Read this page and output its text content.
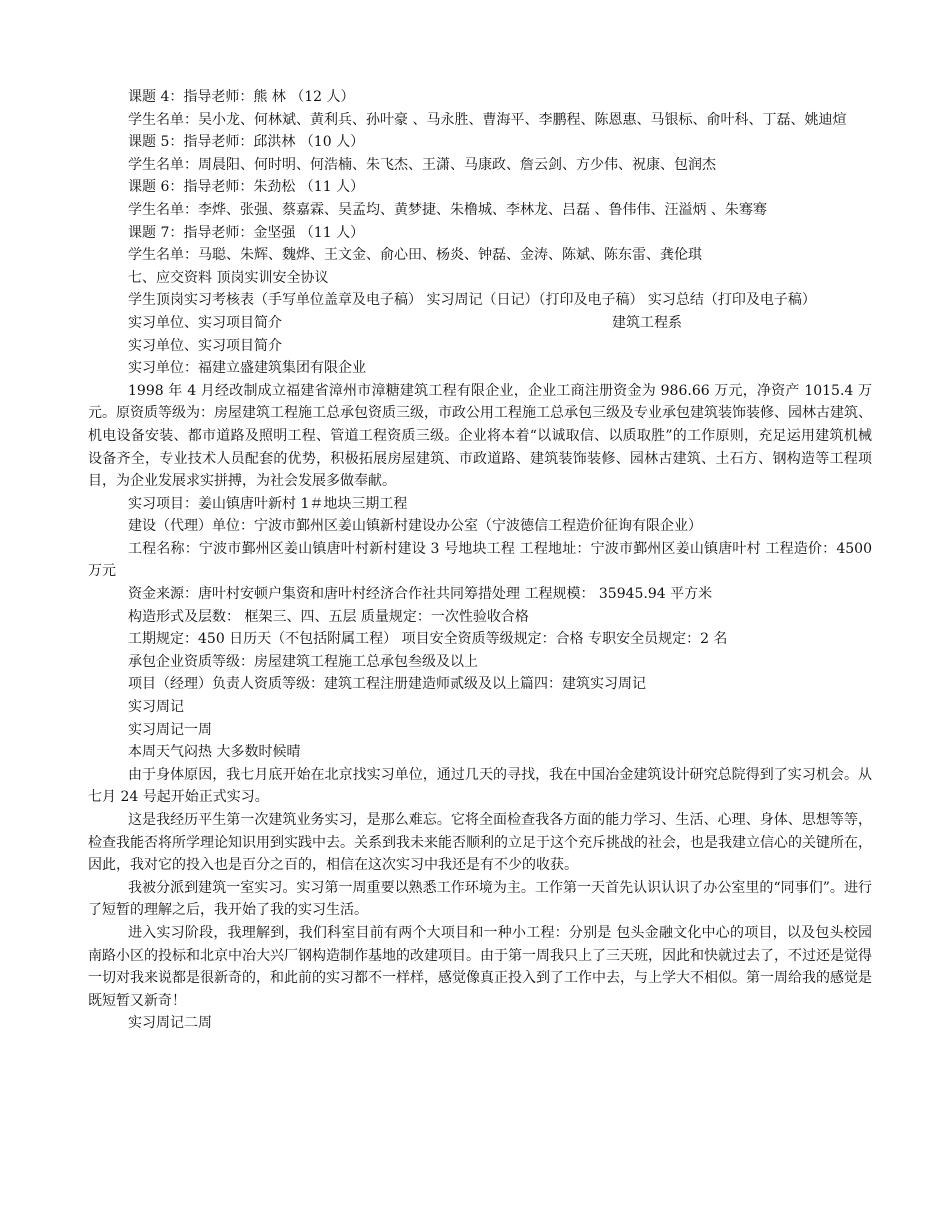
课题 4：指导老师：熊 林 （12 人）

学生名单：吴小龙、何林斌、黄利兵、孙叶豪 、马永胜、曹海平、李鹏程、陈恩惠、马银标、俞叶科、丁磊、姚迪煊

课题 5：指导老师：邱洪林 （10 人）

学生名单：周晨阳、何时明、何浩楠、朱飞杰、王潇、马康政、詹云剑、方少伟、祝康、包润杰

课题 6：指导老师：朱劲松 （11 人）

学生名单：李烨、张强、蔡嘉霖、吴孟均、黄梦捷、朱橹城、李林龙、吕磊 、鲁伟伟、汪溢炳 、朱骞骞

课题 7：指导老师：金坚强 （11 人）

学生名单：马聪、朱辉、魏烨、王文金、俞心田、杨炎、钟磊、金涛、陈斌、陈东雷、龚伦琪

七、应交资料 顶岗实训安全协议

学生顶岗实习考核表（手写单位盖章及电子稿） 实习周记（日记）（打印及电子稿） 实习总结（打印及电子稿）

实习单位、实习项目简介	建筑工程系

实习单位、实习项目简介

实习单位：福建立盛建筑集团有限企业

1998 年 4 月经改制成立福建省漳州市漳糖建筑工程有限企业，企业工商注册资金为 986.66 万元，净资产 1015.4 万元。原资质等级为：房屋建筑工程施工总承包资质三级，市政公用工程施工总承包三级及专业承包建筑装饰装修、园林古建筑、机电设备安装、都市道路及照明工程、管道工程资质三级。企业将本着“以诚取信、以质取胜”的工作原则，充足运用建筑机械设备齐全，专业技术人员配套的优势，积极拓展房屋建筑、市政道路、建筑装饰装修、园林古建筑、土石方、钢构造等工程项目，为企业发展求实拼搏，为社会发展多做奉献。

实习项目：姜山镇唐叶新村 1＃地块三期工程

建设（代理）单位：宁波市鄞州区姜山镇新村建设办公室（宁波德信工程造价征询有限企业）

工程名称：宁波市鄞州区姜山镇唐叶村新村建设 3 号地块工程 工程地址：宁波市鄞州区姜山镇唐叶村 工程造价：4500 万元

资金来源：唐叶村安顿户集资和唐叶村经济合作社共同筹措处理 工程规模： 35945.94 平方米

构造形式及层数： 框架三、四、五层 质量规定：一次性验收合格

工期规定：450 日历天（不包括附属工程） 项目安全资质等级规定：合格 专职安全员规定：2 名

承包企业资质等级：房屋建筑工程施工总承包叁级及以上

项目（经理）负责人资质等级：建筑工程注册建造师贰级及以上篇四：建筑实习周记

实习周记

实习周记一周

本周天气闷热 大多数时候晴

由于身体原因，我七月底开始在北京找实习单位，通过几天的寻找，我在中国冶金建筑设计研究总院得到了实习机会。从七月 24 号起开始正式实习。

这是我经历平生第一次建筑业务实习，是那么难忘。它将全面检查我各方面的能力学习、生活、心理、身体、思想等等，检查我能否将所学理论知识用到实践中去。关系到我未来能否顺利的立足于这个充斥挑战的社会，也是我建立信心的关键所在，因此，我对它的投入也是百分之百的，相信在这次实习中我还是有不少的收获。

我被分派到建筑一室实习。实习第一周重要以熟悉工作环境为主。工作第一天首先认识认识了办公室里的“同事们”。进行了短暂的理解之后，我开始了我的实习生活。

进入实习阶段，我理解到，我们科室目前有两个大项目和一种小工程：分别是 包头金融文化中心的项目，以及包头校园南路小区的投标和北京中冶大兴厂钢构造制作基地的改建项目。由于第一周我只上了三天班，因此和快就过去了，不过还是觉得一切对我来说都是很新奇的，和此前的实习都不一样样，感觉像真正投入到了工作中去，与上学大不相似。第一周给我的感觉是既短暂又新奇！

实习周记二周
